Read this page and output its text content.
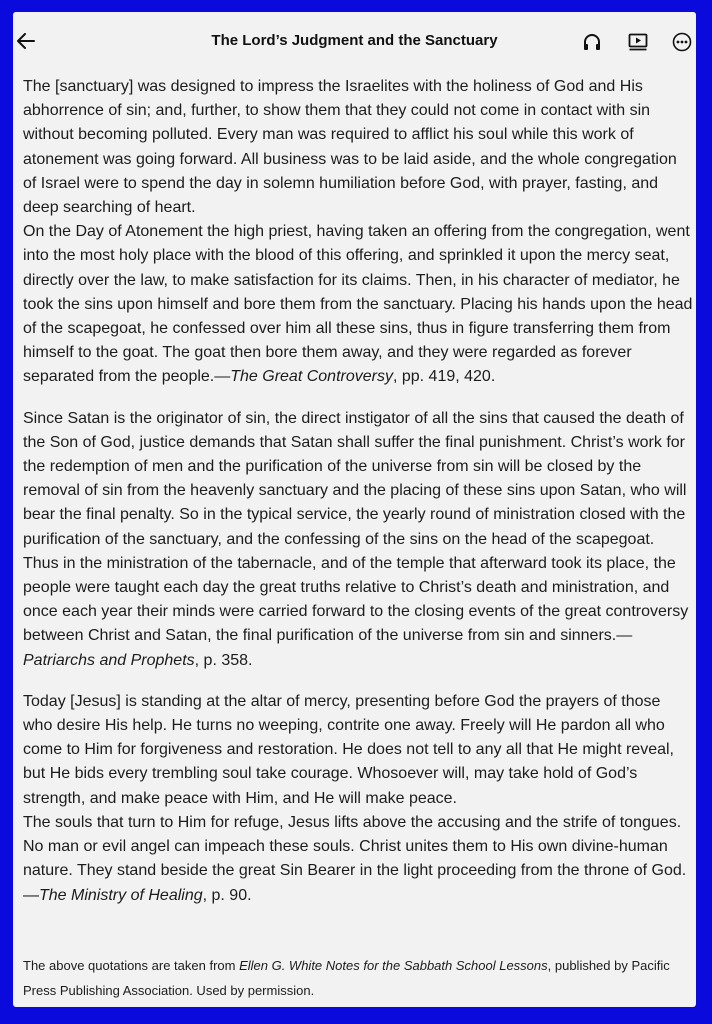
The Lord’s Judgment and the Sanctuary

The [sanctuary] was designed to impress the Israelites with the holiness of God and His abhorrence of sin; and, further, to show them that they could not come in contact with sin without becoming polluted. Every man was required to afflict his soul while this work of atonement was going forward. All business was to be laid aside, and the whole congregation of Israel were to spend the day in solemn humiliation before God, with prayer, fasting, and deep searching of heart.

On the Day of Atonement the high priest, having taken an offering from the congregation, went into the most holy place with the blood of this offering, and sprinkled it upon the mercy seat, directly over the law, to make satisfaction for its claims. Then, in his character of mediator, he took the sins upon himself and bore them from the sanctuary. Placing his hands upon the head of the scapegoat, he confessed over him all these sins, thus in figure transferring them from himself to the goat. The goat then bore them away, and they were regarded as forever separated from the people.—The Great Controversy, pp. 419, 420.

Since Satan is the originator of sin, the direct instigator of all the sins that caused the death of the Son of God, justice demands that Satan shall suffer the final punishment. Christ’s work for the redemption of men and the purification of the universe from sin will be closed by the removal of sin from the heavenly sanctuary and the placing of these sins upon Satan, who will bear the final penalty. So in the typical service, the yearly round of ministration closed with the purification of the sanctuary, and the confessing of the sins on the head of the scapegoat.

Thus in the ministration of the tabernacle, and of the temple that afterward took its place, the people were taught each day the great truths relative to Christ’s death and ministration, and once each year their minds were carried forward to the closing events of the great controversy between Christ and Satan, the final purification of the universe from sin and sinners.—Patriarchs and Prophets, p. 358.

Today [Jesus] is standing at the altar of mercy, presenting before God the prayers of those who desire His help. He turns no weeping, contrite one away. Freely will He pardon all who come to Him for forgiveness and restoration. He does not tell to any all that He might reveal, but He bids every trembling soul take courage. Whosoever will, may take hold of God’s strength, and make peace with Him, and He will make peace.

The souls that turn to Him for refuge, Jesus lifts above the accusing and the strife of tongues. No man or evil angel can impeach these souls. Christ unites them to His own divine-human nature. They stand beside the great Sin Bearer in the light proceeding from the throne of God.—The Ministry of Healing, p. 90.

The above quotations are taken from Ellen G. White Notes for the Sabbath School Lessons, published by Pacific Press Publishing Association. Used by permission.
